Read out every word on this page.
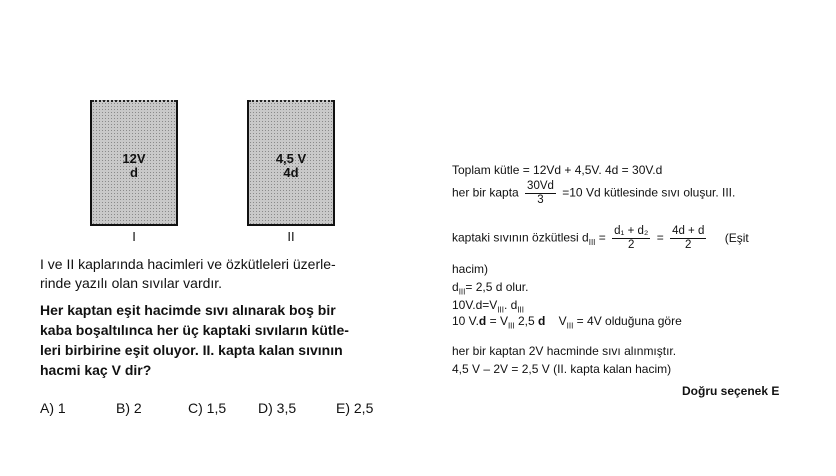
12V
d
I
4,5 V
4d
II
I ve II kaplarında hacimleri ve özkütleleri üzerle-
rinde yazılı olan sıvılar vardır.
Her kaptan eşit hacimde sıvı alınarak boş bir
kaba boşaltılınca her üç kaptaki sıvıların kütle-
leri birbirine eşit oluyor. II. kapta kalan sıvının
hacmi kaç V dir?
A) 1	B) 2	C) 1,5 D) 3,5	E) 2,5
Toplam kütle = 12Vd + 4,5V. 4d = 30V.d
her bir kapta $\frac{30Vd}{3} =10$ Vd kütlesinde sıvı oluşur. III.
kaptaki sıvının özkütlesi $d_{III} = \frac{\text{d₁ + d₂}}{2} = \frac{4d + d}{2}$ (Eşit
hacim)
$d_{III}= 2,5$ d olur.
$10V.d=V_{III}$. $d_{III}$
10 $V.d = V_{III}$ 2,5 d    $V_{III} = 4V$ olduğuna göre
her bir kaptan 2V hacminde sıvı alınmıştır.
4,5 V – 2V = 2,5 V (II. kapta kalan hacim)
Doğru seçenek E
